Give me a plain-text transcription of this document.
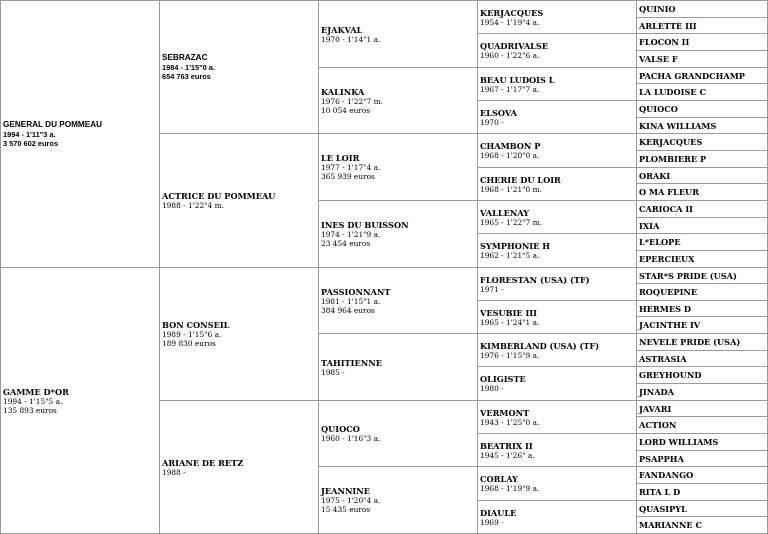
GENERAL DU POMMEAU
1994 - 1'11"3 a.
3 570 602 euros
GAMME D*OR
1994 - 1'15"5 a.
135 893 euros
SEBRAZAC
1984 - 1'15"0 a.
654 763 euros
ACTRICE DU POMMEAU
1988 - 1'22"4 m.
BON CONSEIL
1989 - 1'15"6 a.
189 830 euros
ARIANE DE RETZ
1988 -
EJAKVAL
1970 - 1'14"1 a.
KALINKA
1976 - 1'22"7 m.
10 054 euros
LE LOIR
1977 - 1'17"4 a.
365 939 euros
INES DU BUISSON
1974 - 1'21"9 a.
23 454 euros
PASSIONNANT
1981 - 1'15"1 a.
384 964 euros
TAHITIENNE
1985 -
QUIOCO
1960 - 1'16"3 a.
JEANNINE
1975 - 1'20"4 a.
15 435 euros
KERJACQUES
1954 - 1'19"4 a.
QUADRIVALSE
1960 - 1'22"6 a.
BEAU LUDOIS L
1967 - 1'17"7 a.
ELSOVA
1970 -
CHAMBON P
1968 - 1'20"0 a.
CHERIE DU LOIR
1968 - 1'21"0 m.
VALLENAY
1965 - 1'22"7 m.
SYMPHONIE H
1962 - 1'21"5 a.
FLORESTAN (USA) (TF)
1971 -
VESUBIE III
1965 - 1'24"1 a.
KIMBERLAND (USA) (TF)
1976 - 1'15"9 a.
OLIGISTE
1980 -
VERMONT
1943 - 1'25"0 a.
BEATRIX II
1945 - 1'26" a.
CORLAY
1968 - 1'19"9 a.
DIAULE
1969 -
QUINIO
ARLETTE III
FLOCON II
VALSE F
PACHA GRANDCHAMP
LA LUDOISE C
QUIOCO
KINA WILLIAMS
KERJACQUES
PLOMBIERE P
ORAKI
O MA FLEUR
CARIOCA II
IXIA
L*ELOPE
EPERCIEUX
STAR*S PRIDE (USA)
ROQUEPINE
HERMES D
JACINTHE IV
NEVELE PRIDE (USA)
ASTRASIA
GREYHOUND
JINADA
JAVARI
ACTION
LORD WILLIAMS
PSAPPHA
FANDANGO
RITA L D
QUASIPYL
MARIANNE C
